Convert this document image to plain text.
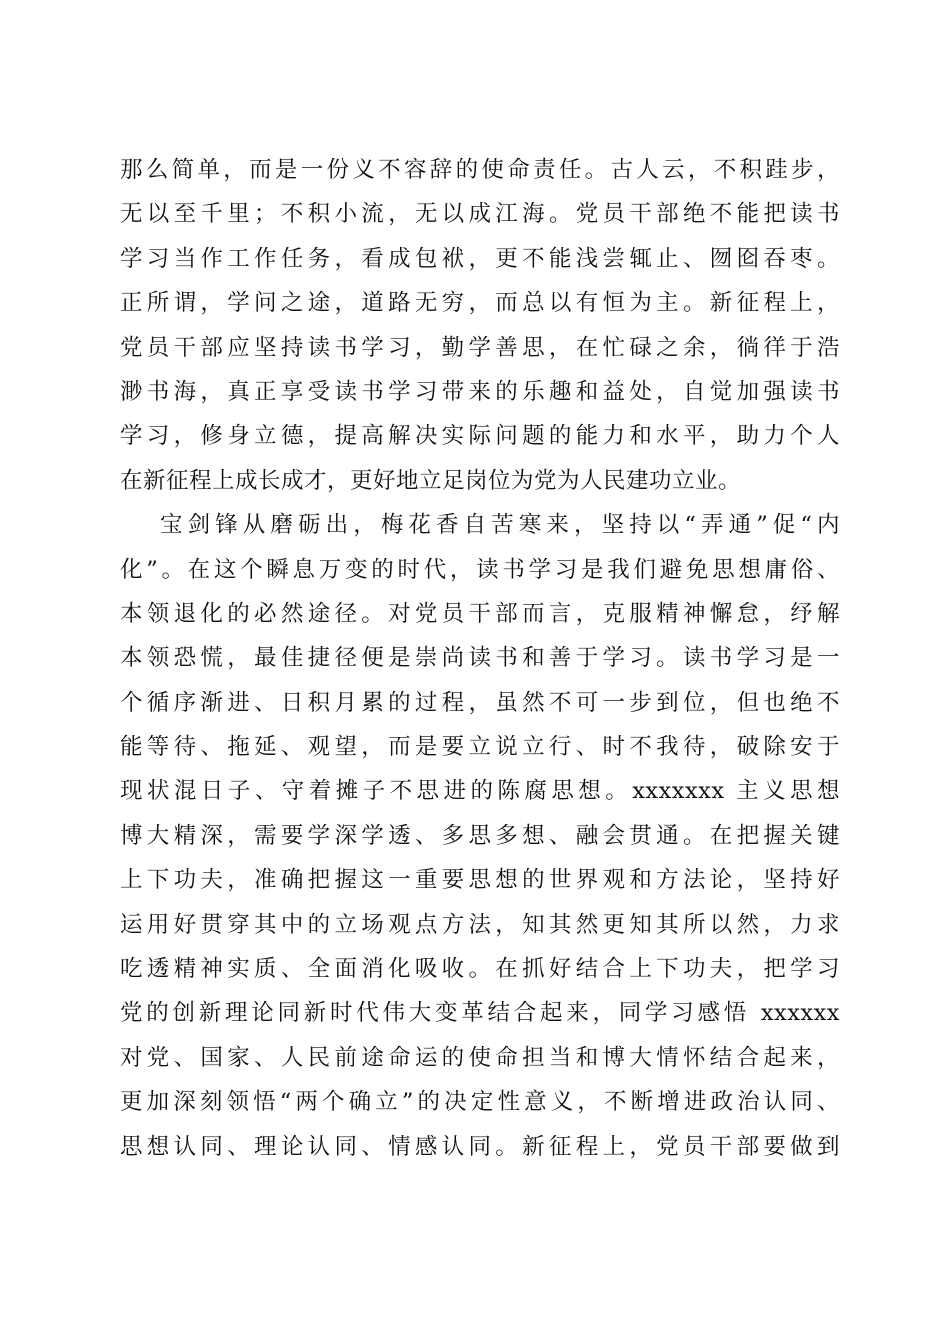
那么简单，而是一份义不容辞的使命责任。古人云，不积跬步，
无以至千里；不积小流，无以成江海。党员干部绝不能把读书
学习当作工作任务，看成包袱，更不能浅尝辄止、囫囵吞枣。
正所谓，学问之途，道路无穷，而总以有恒为主。新征程上，
党员干部应坚持读书学习，勤学善思，在忙碌之余，徜徉于浩
渺书海，真正享受读书学习带来的乐趣和益处，自觉加强读书
学习，修身立德，提高解决实际问题的能力和水平，助力个人
在新征程上成长成才，更好地立足岗位为党为人民建功立业。
宝剑锋从磨砺出，梅花香自苦寒来，坚持以“弄通”促“内
化”。在这个瞬息万变的时代，读书学习是我们避免思想庸俗、
本领退化的必然途径。对党员干部而言，克服精神懈怠，纾解
本领恐慌，最佳捷径便是崇尚读书和善于学习。读书学习是一
个循序渐进、日积月累的过程，虽然不可一步到位，但也绝不
能等待、拖延、观望，而是要立说立行、时不我待，破除安于
现状混日子、守着摊子不思进的陈腐思想。xxxxxxx 主义思想
博大精深，需要学深学透、多思多想、融会贯通。在把握关键
上下功夫，准确把握这一重要思想的世界观和方法论，坚持好
运用好贯穿其中的立场观点方法，知其然更知其所以然，力求
吃透精神实质、全面消化吸收。在抓好结合上下功夫，把学习
党的创新理论同新时代伟大变革结合起来，同学习感悟 xxxxxx
对党、国家、人民前途命运的使命担当和博大情怀结合起来，
更加深刻领悟“两个确立”的决定性意义，不断增进政治认同、
思想认同、理论认同、情感认同。新征程上，党员干部要做到
